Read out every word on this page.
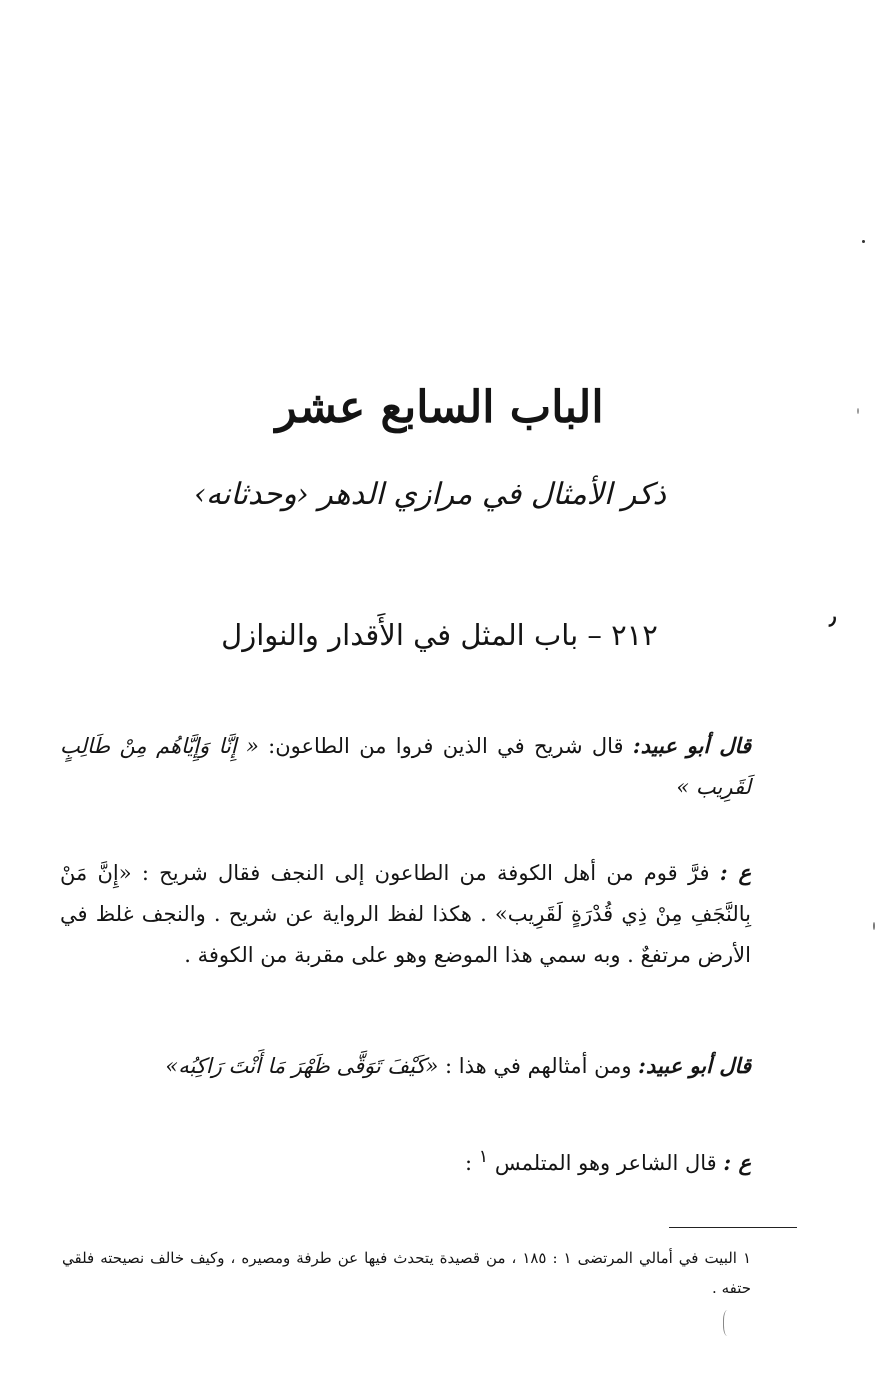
الباب السابع عشر
ذكر الأمثال في مرازي الدهر ‹وحدثانه›
٢١٢ – باب المثل في الأَقدار والنوازل
٫
قال أبو عبيد: قال شريح في الذين فروا من الطاعون: « إِنَّا وَإِيَّاهُم مِنْ طَالِبٍ لَقَرِيب »
ع : فرَّ قوم من أهل الكوفة من الطاعون إلى النجف فقال شريح : «إِنَّ مَنْ بِالنَّجَفِ مِنْ ذِي قُدْرَةٍ لَقَرِيب» . هكذا لفظ الرواية عن شريح . والنجف غلظ في الأرض مرتفعٌ . وبه سمي هذا الموضع وهو على مقربة من الكوفة .
قال أبو عبيد: ومن أمثالهم في هذا : «كَيْفَ تَوَقَّى ظَهْرَ مَا أَنْتَ رَاكِبُه»
ع : قال الشاعر وهو المتلمس $^١$ :
١ البيت في أمالي المرتضى ١ : ١٨٥ ، من قصيدة يتحدث فيها عن طرفة ومصيره ، وكيف خالف نصيحته فلقي حتفه .
